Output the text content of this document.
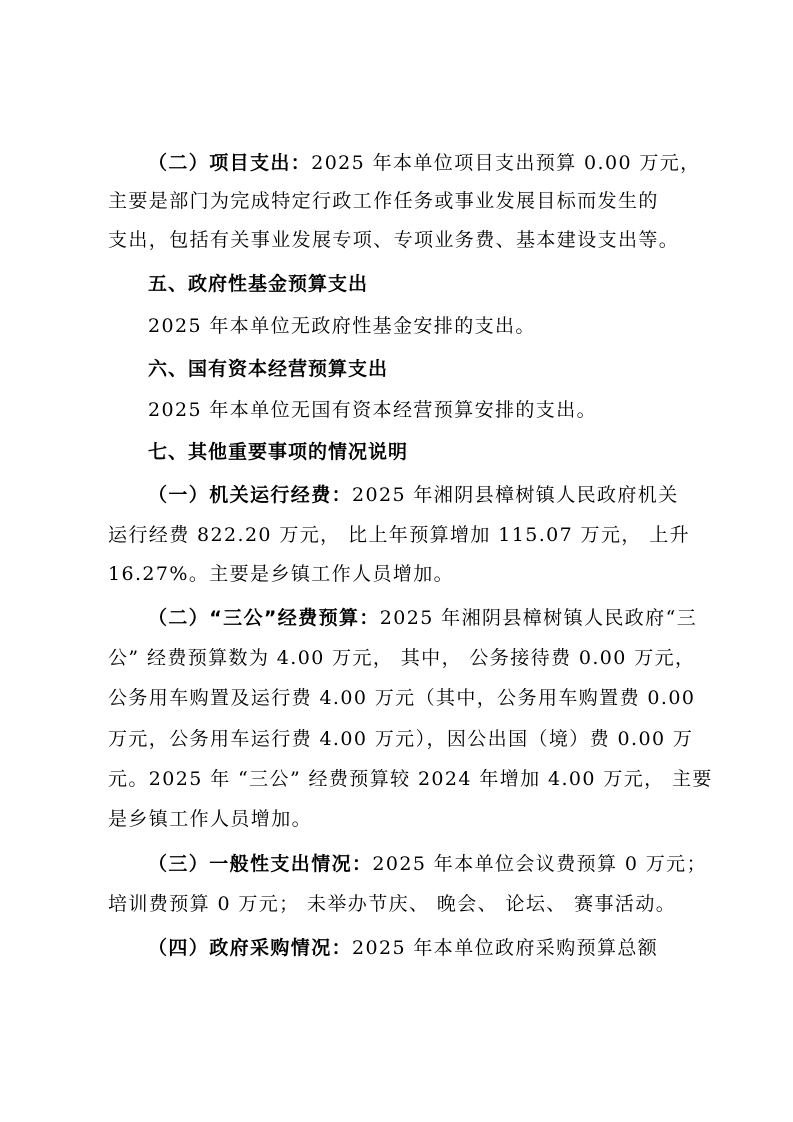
（二）项目支出：2025 年本单位项目支出预算 0.00 万元，
主要是部门为完成特定行政工作任务或事业发展目标而发生的
支出，包括有关事业发展专项、专项业务费、基本建设支出等。
五、政府性基金预算支出
2025 年本单位无政府性基金安排的支出。
六、国有资本经营预算支出
2025 年本单位无国有资本经营预算安排的支出。
七、其他重要事项的情况说明
（一）机关运行经费：2025 年湘阴县樟树镇人民政府机关
运行经费 822.20 万元， 比上年预算增加 115.07 万元， 上升
16.27%。主要是乡镇工作人员增加。
（二）“三公”经费预算：2025 年湘阴县樟树镇人民政府“三
公” 经费预算数为 4.00 万元， 其中， 公务接待费 0.00 万元，
公务用车购置及运行费 4.00 万元（其中，公务用车购置费 0.00
万元，公务用车运行费 4.00 万元），因公出国（境）费 0.00 万
元。2025 年 “三公” 经费预算较 2024 年增加 4.00 万元， 主要
是乡镇工作人员增加。
（三）一般性支出情况：2025 年本单位会议费预算 0 万元；
培训费预算 0 万元； 未举办节庆、 晚会、 论坛、 赛事活动。
（四）政府采购情况：2025 年本单位政府采购预算总额
